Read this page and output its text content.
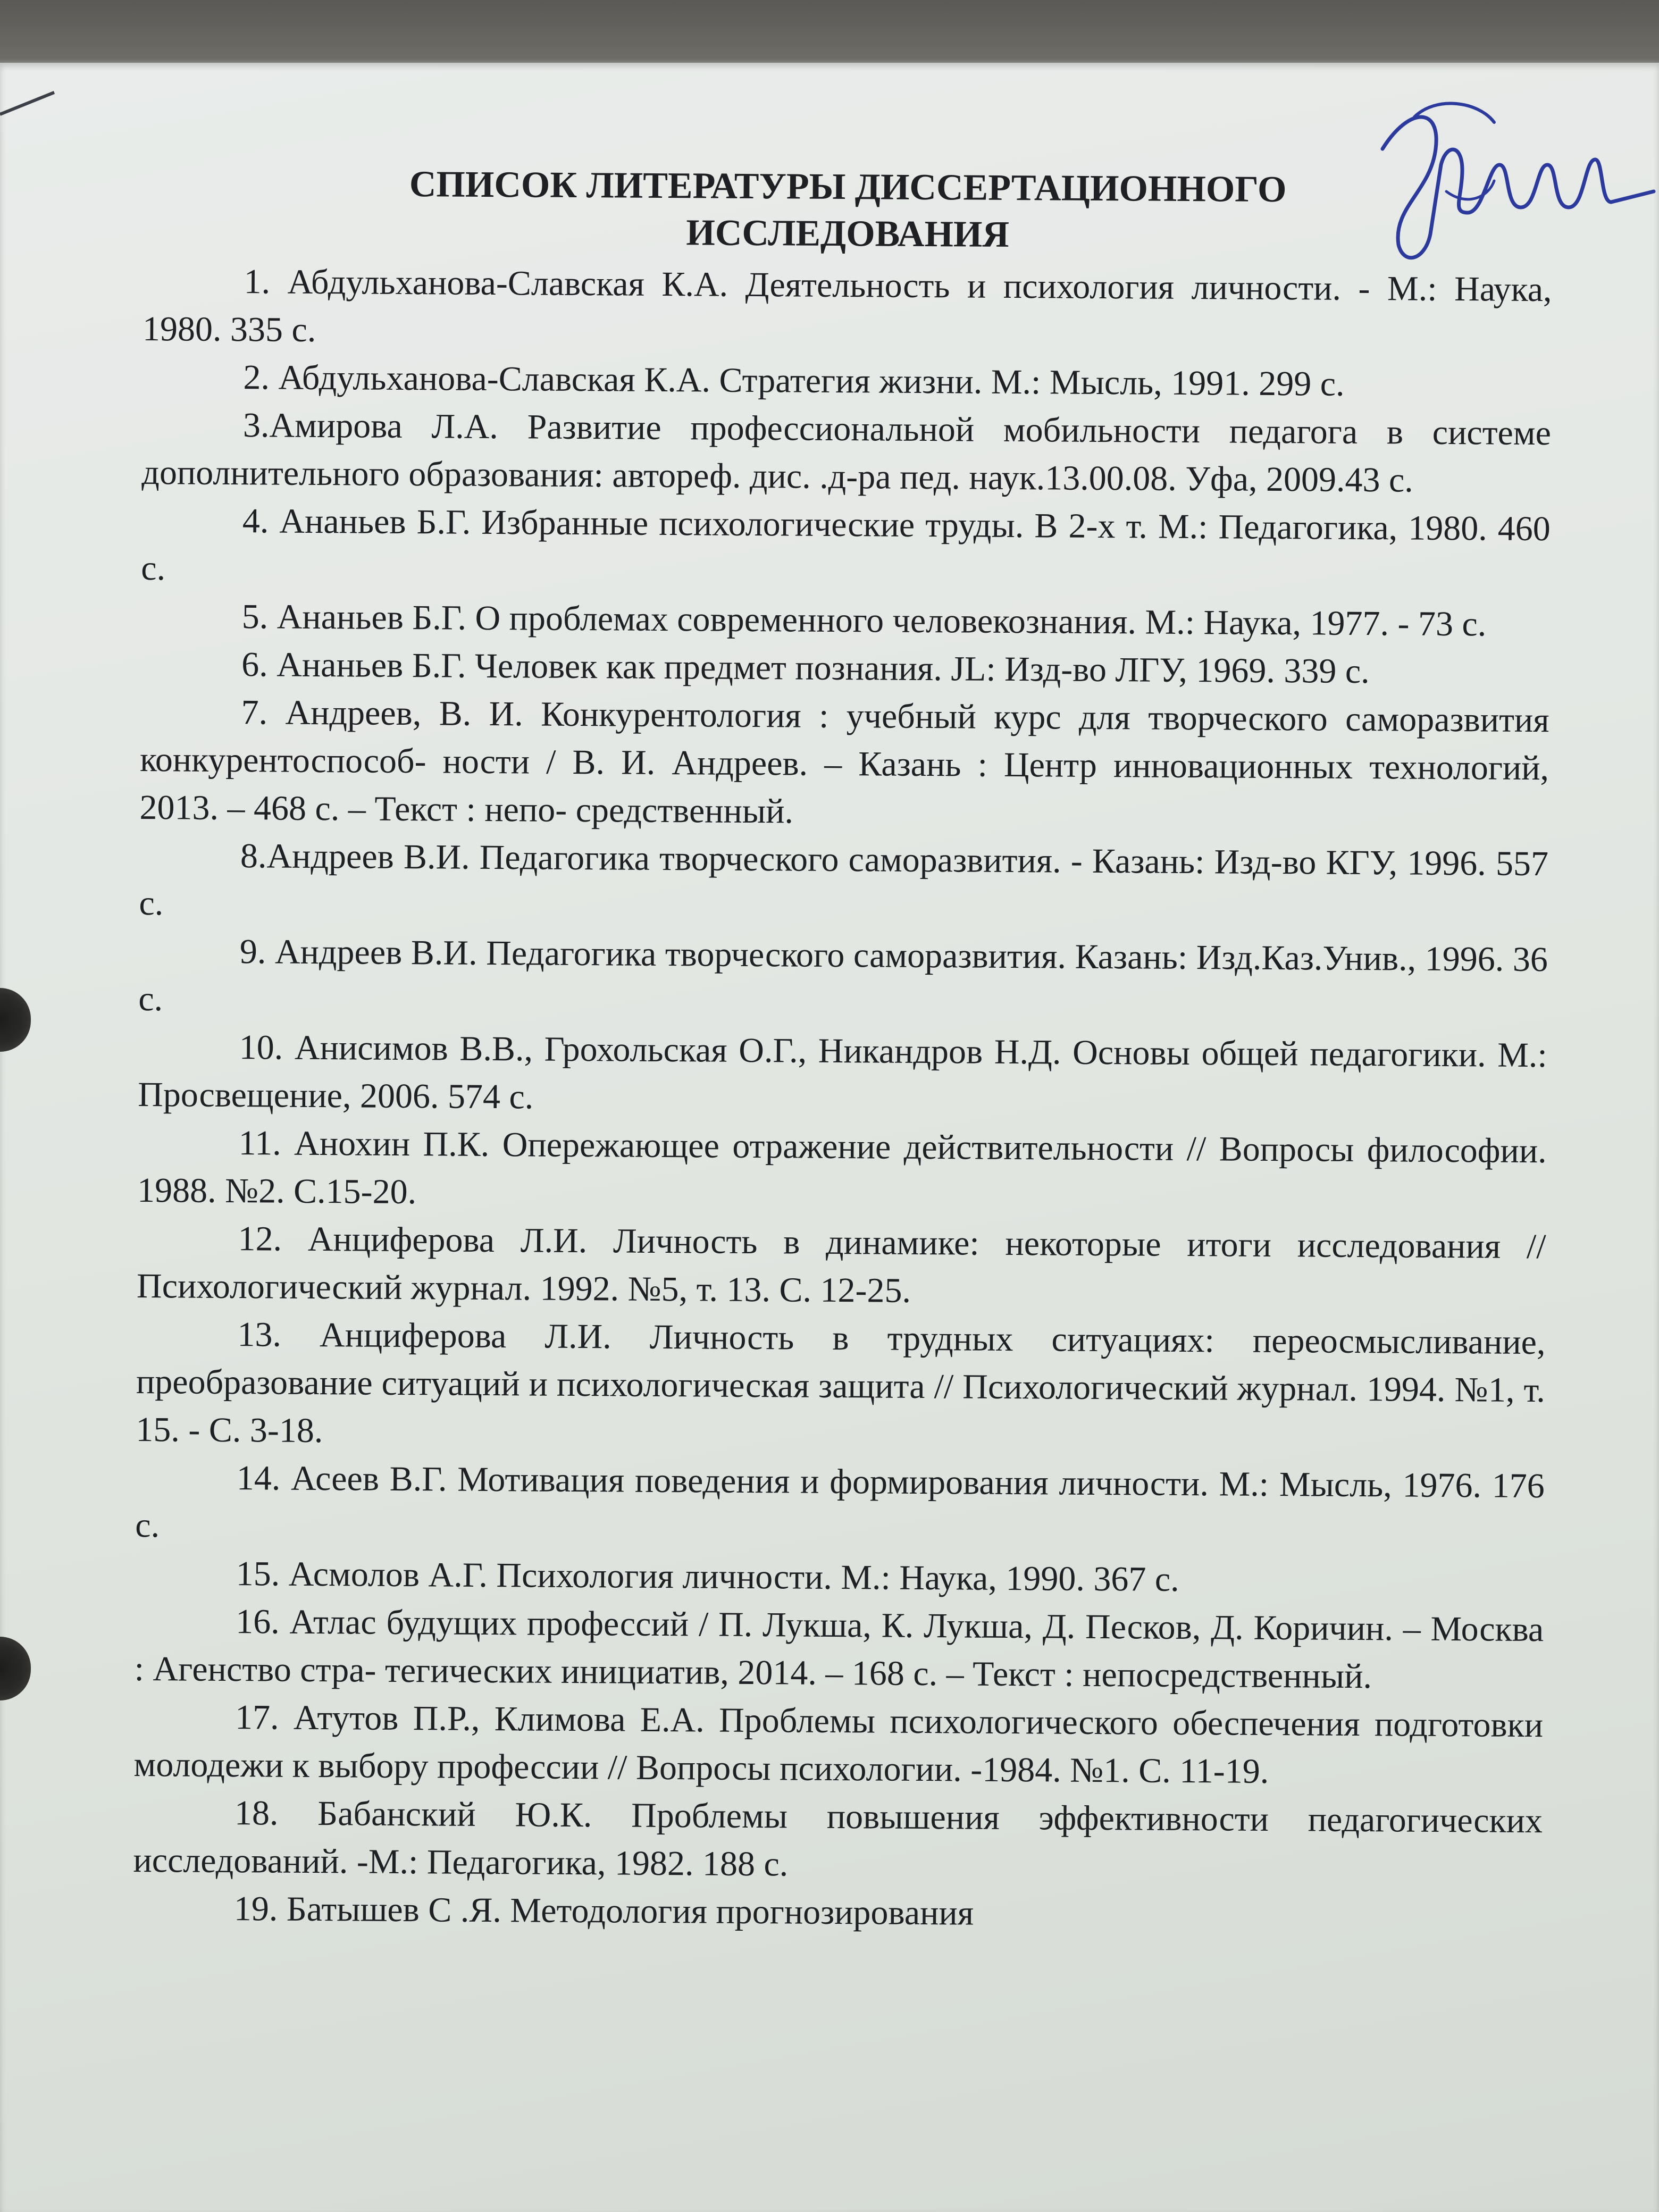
СПИСОК ЛИТЕРАТУРЫ ДИССЕРТАЦИОННОГО
ИССЛЕДОВАНИЯ

1. Абдульханова-Славская К.А. Деятельность и психология личности. - М.: Наука, 1980. 335 с.

2. Абдульханова-Славская К.А. Стратегия жизни. М.: Мысль, 1991. 299 с.

3.Амирова Л.А. Развитие профессиональной мобильности педагога в системе дополнительного образования: автореф. дис. .д-ра пед. наук.13.00.08. Уфа, 2009.43 с.

4. Ананьев Б.Г. Избранные психологические труды. В 2-х т. М.: Педагогика, 1980. 460 с.

5. Ананьев Б.Г. О проблемах современного человекознания. М.: Наука, 1977. - 73 с.

6. Ананьев Б.Г. Человек как предмет познания. JL: Изд-во ЛГУ, 1969. 339 с.

7. Андреев, В. И. Конкурентология : учебный курс для творческого саморазвития конкурентоспособ- ности / В. И. Андреев. – Казань : Центр инновационных технологий, 2013. – 468 с. – Текст : непо- средственный.

8.Андреев В.И. Педагогика творческого саморазвития. - Казань: Изд-во КГУ, 1996. 557 с.

9. Андреев В.И. Педагогика творческого саморазвития. Казань: Изд.Каз.Унив., 1996. 36 с.

10. Анисимов В.В., Грохольская О.Г., Никандров Н.Д. Основы общей педагогики. М.: Просвещение, 2006. 574 с.

11. Анохин П.К. Опережающее отражение действительности // Вопросы философии. 1988. №2. С.15-20.

12. Анциферова Л.И. Личность в динамике: некоторые итоги исследования // Психологический журнал. 1992. №5, т. 13. С. 12-25.

13. Анциферова Л.И. Личность в трудных ситуациях: переосмысливание, преобразование ситуаций и психологическая защита // Психологический журнал. 1994. №1, т. 15. - С. 3-18.

14. Асеев В.Г. Мотивация поведения и формирования личности. М.: Мысль, 1976. 176 с.

15. Асмолов А.Г. Психология личности. М.: Наука, 1990. 367 с.

16. Атлас будущих профессий / П. Лукша, К. Лукша, Д. Песков, Д. Коричин. – Москва : Агенство стра- тегических инициатив, 2014. – 168 с. – Текст : непосредственный.

17. Атутов П.Р., Климова Е.А. Проблемы психологического обеспечения подготовки молодежи к выбору профессии // Вопросы психологии. -1984. №1. С. 11-19.

18. Бабанский Ю.К. Проблемы повышения эффективности педагогических исследований. -М.: Педагогика, 1982. 188 с.

19. Батышев С .Я. Методология прогнозирования
